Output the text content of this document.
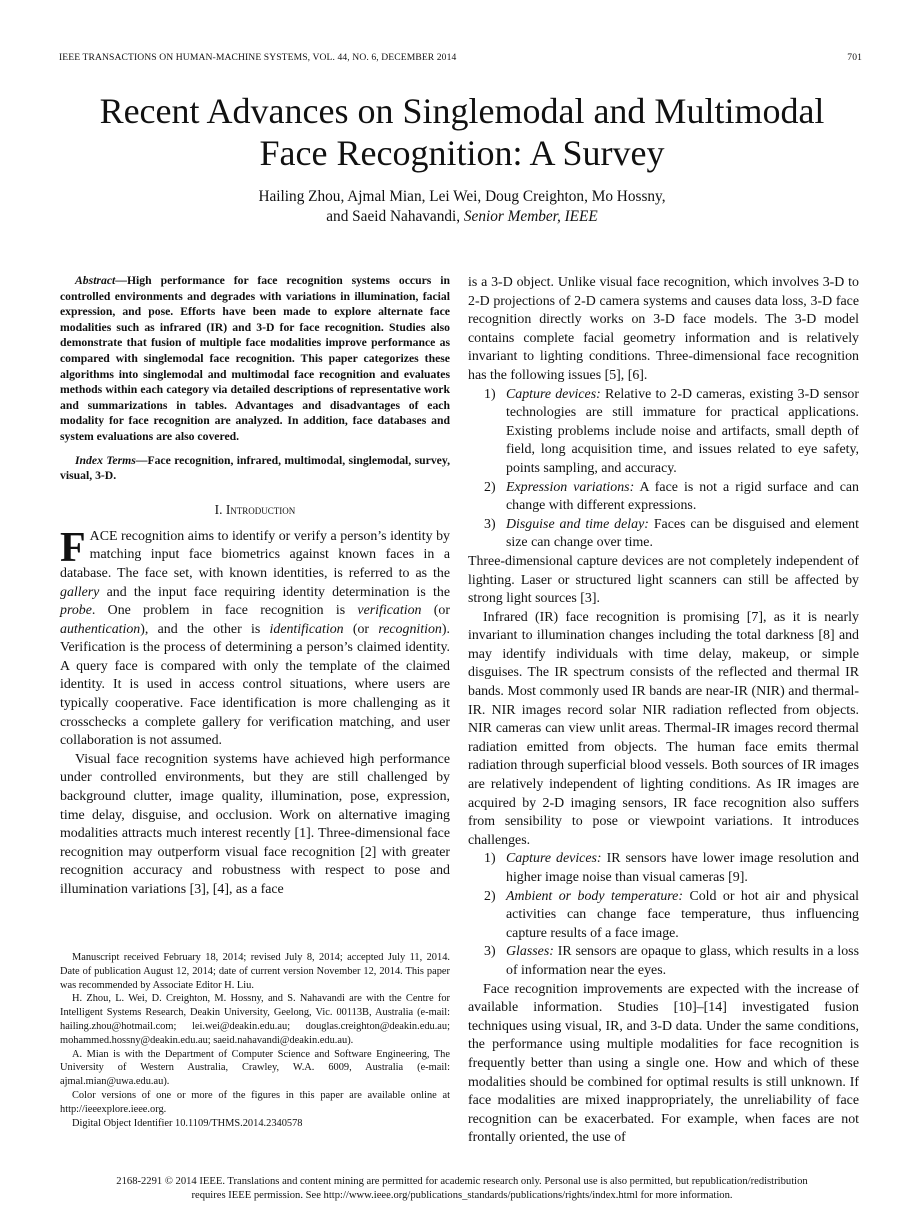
IEEE TRANSACTIONS ON HUMAN-MACHINE SYSTEMS, VOL. 44, NO. 6, DECEMBER 2014	701
Recent Advances on Singlemodal and Multimodal
Face Recognition: A Survey
Hailing Zhou, Ajmal Mian, Lei Wei, Doug Creighton, Mo Hossny,
and Saeid Nahavandi, Senior Member, IEEE

Abstract—High performance for face recognition systems occurs in controlled environments and degrades with variations in illumination, facial expression, and pose. Efforts have been made to explore alternate face modalities such as infrared (IR) and 3-D for face recognition. Studies also demonstrate that fusion of multiple face modalities improve performance as compared with singlemodal face recognition. This paper categorizes these algorithms into singlemodal and multimodal face recognition and evaluates methods within each category via detailed descriptions of representative work and summarizations in tables. Advantages and disadvantages of each modality for face recognition are analyzed. In addition, face databases and system evaluations are also covered.

Index Terms—Face recognition, infrared, multimodal, singlemodal, survey, visual, 3-D.

I. Introduction

FACE recognition aims to identify or verify a person’s identity by matching input face biometrics against known faces in a database. The face set, with known identities, is referred to as the gallery and the input face requiring identity determination is the probe. One problem in face recognition is verification (or authentication), and the other is identification (or recognition). Verification is the process of determining a person’s claimed identity. A query face is compared with only the template of the claimed identity. It is used in access control situations, where users are typically cooperative. Face identification is more challenging as it crosschecks a complete gallery for verification matching, and user collaboration is not assumed.

Visual face recognition systems have achieved high performance under controlled environments, but they are still challenged by background clutter, image quality, illumination, pose, expression, time delay, disguise, and occlusion. Work on alternative imaging modalities attracts much interest recently [1]. Three-dimensional face recognition may outperform visual face recognition [2] with greater recognition accuracy and robustness with respect to pose and illumination variations [3], [4], as a face

Manuscript received February 18, 2014; revised July 8, 2014; accepted July 11, 2014. Date of publication August 12, 2014; date of current version November 12, 2014. This paper was recommended by Associate Editor H. Liu.

H. Zhou, L. Wei, D. Creighton, M. Hossny, and S. Nahavandi are with the Centre for Intelligent Systems Research, Deakin University, Geelong, Vic. 00113B, Australia (e-mail: hailing.zhou@hotmail.com; lei.wei@deakin.edu.au; douglas.creighton@deakin.edu.au; mohammed.hossny@deakin.edu.au; saeid.nahavandi@deakin.edu.au).

A. Mian is with the Department of Computer Science and Software Engineering, The University of Western Australia, Crawley, W.A. 6009, Australia (e-mail: ajmal.mian@uwa.edu.au).

Color versions of one or more of the figures in this paper are available online at http://ieeexplore.ieee.org.

Digital Object Identifier 10.1109/THMS.2014.2340578

is a 3-D object. Unlike visual face recognition, which involves 3-D to 2-D projections of 2-D camera systems and causes data loss, 3-D face recognition directly works on 3-D face models. The 3-D model contains complete facial geometry information and is relatively invariant to lighting conditions. Three-dimensional face recognition has the following issues [5], [6].

1) Capture devices: Relative to 2-D cameras, existing 3-D sensor technologies are still immature for practical applications. Existing problems include noise and artifacts, small depth of field, long acquisition time, and issues related to eye safety, points sampling, and accuracy.
2) Expression variations: A face is not a rigid surface and can change with different expressions.
3) Disguise and time delay: Faces can be disguised and element size can change over time.

Three-dimensional capture devices are not completely independent of lighting. Laser or structured light scanners can still be affected by strong light sources [3].

Infrared (IR) face recognition is promising [7], as it is nearly invariant to illumination changes including the total darkness [8] and may identify individuals with time delay, makeup, or simple disguises. The IR spectrum consists of the reflected and thermal IR bands. Most commonly used IR bands are near-IR (NIR) and thermal-IR. NIR images record solar NIR radiation reflected from objects. NIR cameras can view unlit areas. Thermal-IR images record thermal radiation emitted from objects. The human face emits thermal radiation through superficial blood vessels. Both sources of IR images are relatively independent of lighting conditions. As IR images are acquired by 2-D imaging sensors, IR face recognition also suffers from sensibility to pose or viewpoint variations. It introduces challenges.

1) Capture devices: IR sensors have lower image resolution and higher image noise than visual cameras [9].
2) Ambient or body temperature: Cold or hot air and physical activities can change face temperature, thus influencing capture results of a face image.
3) Glasses: IR sensors are opaque to glass, which results in a loss of information near the eyes.

Face recognition improvements are expected with the increase of available information. Studies [10]–[14] investigated fusion techniques using visual, IR, and 3-D data. Under the same conditions, the performance using multiple modalities for face recognition is frequently better than using a single one. How and which of these modalities should be combined for optimal results is still unknown. If face modalities are mixed inappropriately, the unreliability of face recognition can be exacerbated. For example, when faces are not frontally oriented, the use of

2168-2291 © 2014 IEEE. Translations and content mining are permitted for academic research only. Personal use is also permitted, but republication/redistribution
requires IEEE permission. See http://www.ieee.org/publications_standards/publications/rights/index.html for more information.
